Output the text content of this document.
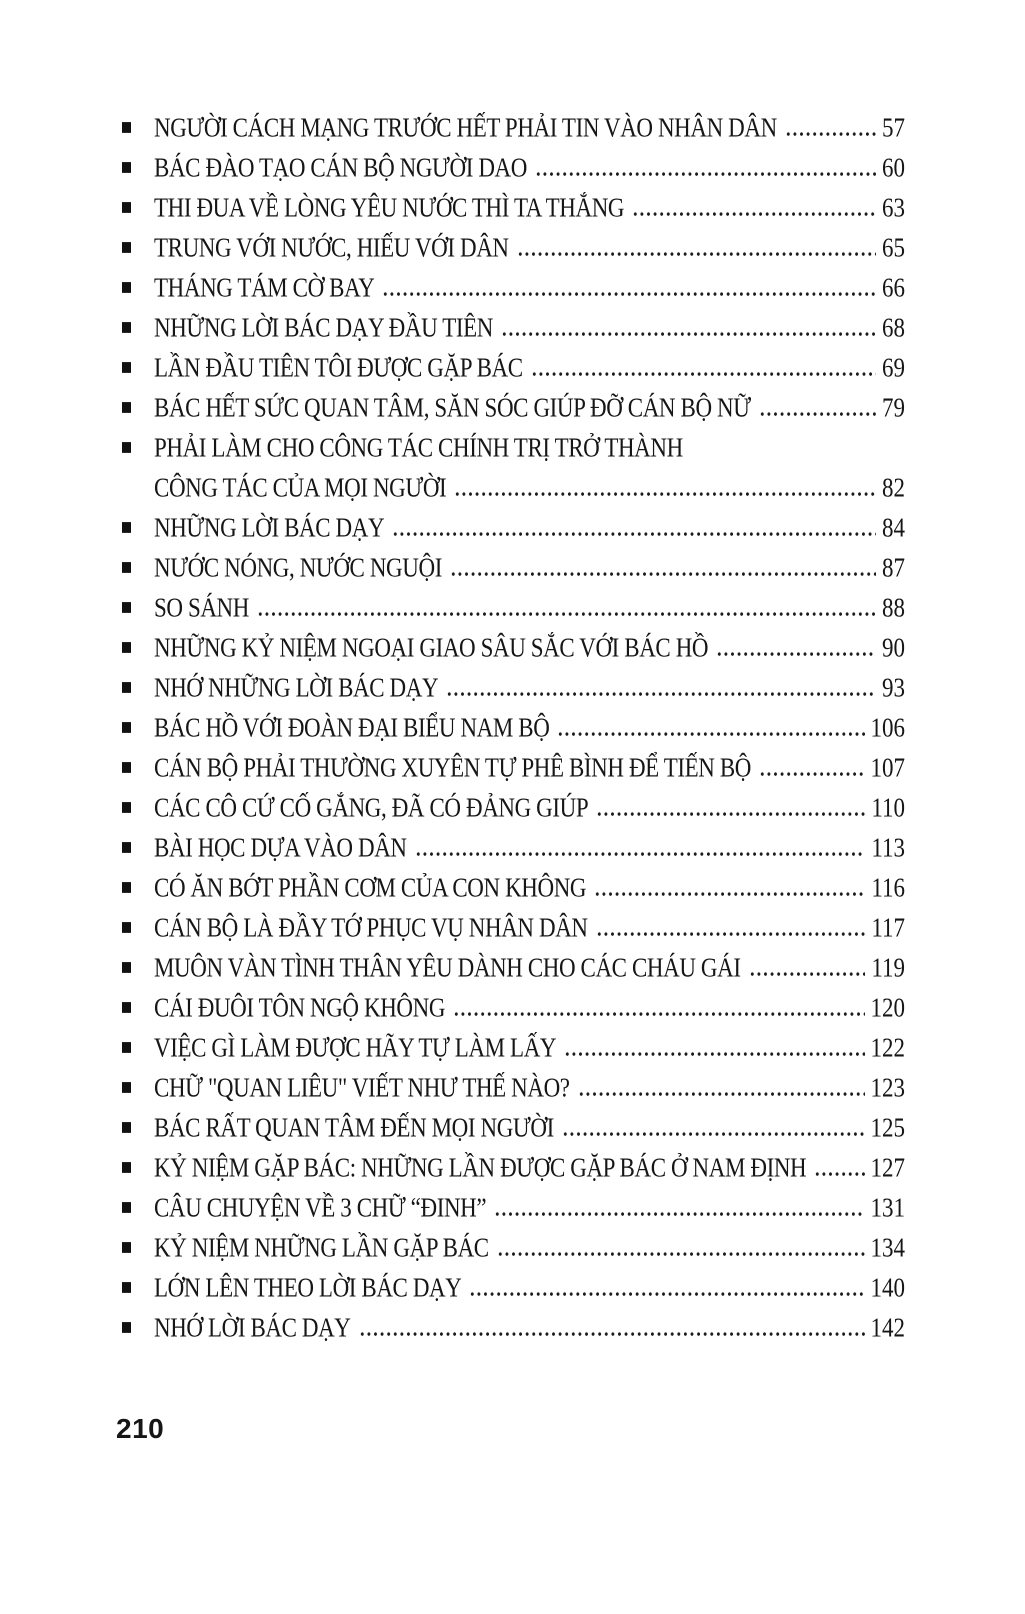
NGƯỜI CÁCH MẠNG TRƯỚC HẾT PHẢI TIN VÀO NHÂN DÂN	57
BÁC ĐÀO TẠO CÁN BỘ NGƯỜI DAO	60
THI ĐUA VỀ LÒNG YÊU NƯỚC THÌ TA THẮNG	63
TRUNG VỚI NƯỚC, HIẾU VỚI DÂN	65
THÁNG TÁM CỜ BAY	66
NHỮNG LỜI BÁC DẠY ĐẦU TIÊN	68
LẦN ĐẦU TIÊN TÔI ĐƯỢC GẶP BÁC	69
BÁC HẾT SỨC QUAN TÂM, SĂN SÓC GIÚP ĐỠ CÁN BỘ NỮ	79
PHẢI LÀM CHO CÔNG TÁC CHÍNH TRỊ TRỞ THÀNH
CÔNG TÁC CỦA MỌI NGƯỜI	82
NHỮNG LỜI BÁC DẠY	84
NƯỚC NÓNG, NƯỚC NGUỘI	87
SO SÁNH	88
NHỮNG KỶ NIỆM NGOẠI GIAO SÂU SẮC VỚI BÁC HỒ	90
NHỚ NHỮNG LỜI BÁC DẠY	93
BÁC HỒ VỚI ĐOÀN ĐẠI BIỂU NAM BỘ	106
CÁN BỘ PHẢI THƯỜNG XUYÊN TỰ PHÊ BÌNH ĐỂ TIẾN BỘ	107
CÁC CÔ CỨ CỐ GẮNG, ĐÃ CÓ ĐẢNG GIÚP	110
BÀI HỌC DỰA VÀO DÂN	113
CÓ ĂN BỚT PHẦN CƠM CỦA CON KHÔNG	116
CÁN BỘ LÀ ĐẦY TỚ PHỤC VỤ NHÂN DÂN	117
MUÔN VÀN TÌNH THÂN YÊU DÀNH CHO CÁC CHÁU GÁI	119
CÁI ĐUÔI TÔN NGỘ KHÔNG	120
VIỆC GÌ LÀM ĐƯỢC HÃY TỰ LÀM LẤY	122
CHỮ "QUAN LIÊU" VIẾT NHƯ THẾ NÀO?	123
BÁC RẤT QUAN TÂM ĐẾN MỌI NGƯỜI	125
KỶ NIỆM GẶP BÁC: NHỮNG LẦN ĐƯỢC GẶP BÁC Ở NAM ĐỊNH	127
CÂU CHUYỆN VỀ 3 CHỮ “ĐINH”	131
KỶ NIỆM NHỮNG LẦN GẶP BÁC	134
LỚN LÊN THEO LỜI BÁC DẠY	140
NHỚ LỜI BÁC DẠY	142
210
